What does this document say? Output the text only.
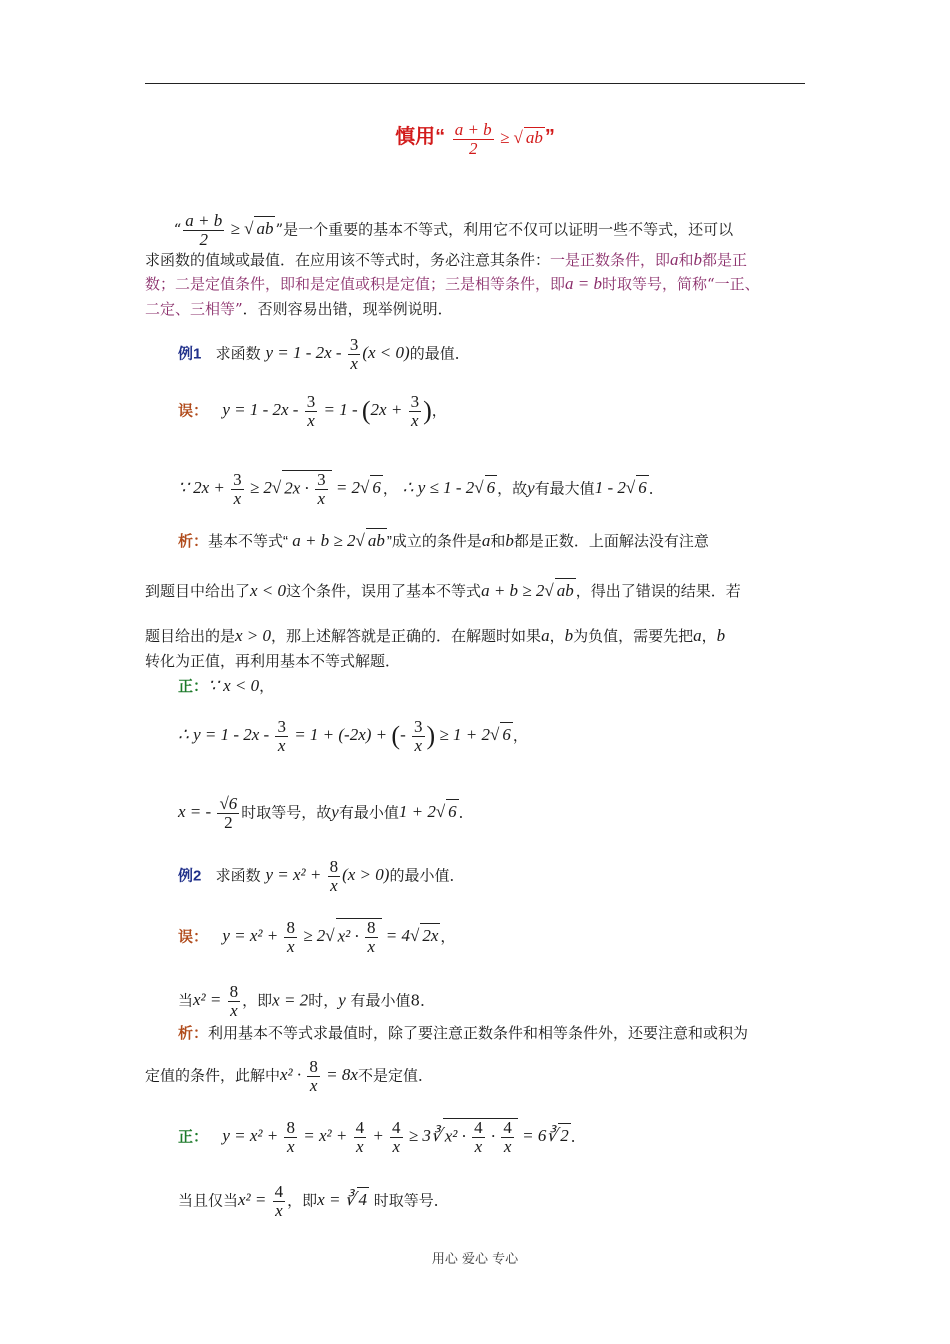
慎用“ $\frac{a + b}{2}$ ≥ √ ab ”
“ $\frac{a + b}{2}$ ≥ √ ab ”是一个重要的基本不等式，利用它不仅可以证明一些不等式，还可以
求函数的值域或最值．在应用该不等式时，务必注意其条件：一是正数条件，即a和b都是正
数；二是定值条件，即和是定值或积是定值；三是相等条件，即a = b时取等号，简称“一正、
二定、三相等”．否则容易出错，现举例说明．
例1 求函数 $y = 1 - 2x - \frac{3}{x} (x < 0)$的最值．
误： $y = 1 - 2x - \frac{3}{x} = 1 - (2x + \frac{3}{x}$ )，
∵ $2x + \frac{3}{x} \ge 2√$ $2x \cdot \frac{3}{x} = 2√$ 6 ， ∴ y ≤ 1 - 2√ 6 ，故y有最大值1 - 2√ 6 ．
析：基本不等式“ a + b ≥ 2√ ab ”成立的条件是a和b都是正数．上面解法没有注意
到题目中给出了x < 0这个条件，误用了基本不等式a + b ≥ 2√ ab ，得出了错误的结果．若
题目给出的是x > 0，那上述解答就是正确的．在解题时如果a，b为负值，需要先把a，b
转化为正值，再利用基本不等式解题．
正：∵ x < 0，
∴ $y = 1 - 2x - \frac{3}{x} = 1 + (-2x)$ + (- $\frac{3}{x}$ ) ≥ 1 + 2√ 6 ，
x = - $\frac{√6}{2}$ 时取等号，故y有最小值1 + 2√ 6 ．
例2 求函数 $y = x^2 + \frac{8}{x} (x > 0)$的最小值．
误： $y = x^2 + \frac{8}{x} \ge 2√$ $x^2 \cdot \frac{8}{x} = 4√$ 2x ，
当$x^2 = \frac{8}{x}$ ，即x = 2时，y 有最小值8．
析：利用基本不等式求最值时，除了要注意正数条件和相等条件外，还要注意和或积为
定值的条件，此解中$x^2 \cdot \frac{8}{x} = 8x$不是定值．
正： $y = x^2 + \frac{8}{x} = x^2 + \frac{4}{x} + \frac{4}{x}$ ≥ 3∛ $x^2 \cdot \frac{4}{x} \cdot \frac{4}{x}$ = 6∛ 2 ．
当且仅当$x^2 = \frac{4}{x}$ ，即x = ∛ 4 时取等号．
用心 爱心 专心
